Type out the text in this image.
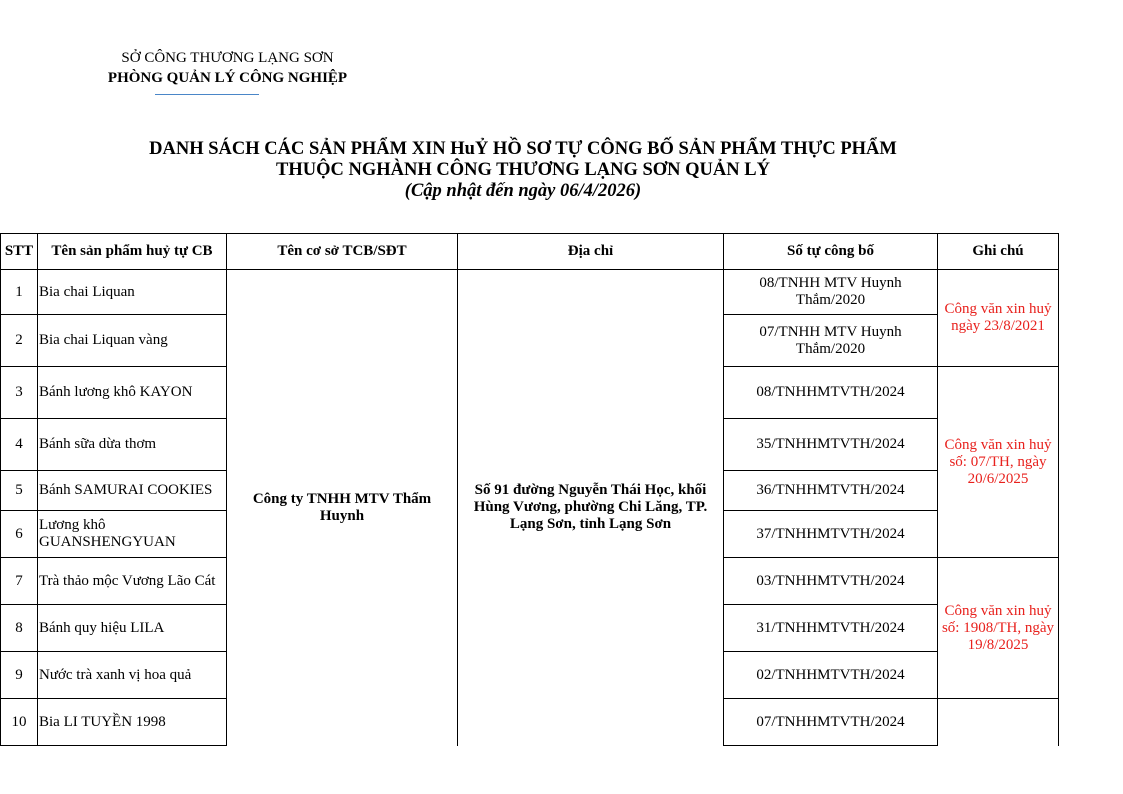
SỞ CÔNG THƯƠNG LẠNG SƠN
PHÒNG QUẢN LÝ CÔNG NGHIỆP
DANH SÁCH CÁC SẢN PHẨM XIN HuỶ HỒ SƠ TỰ CÔNG BỐ SẢN PHẨM THỰC PHẨM
THUỘC NGHÀNH CÔNG THƯƠNG LẠNG SƠN QUẢN LÝ
(Cập nhật đến ngày 06/4/2026)
STT	Tên sản phẩm huỷ tự CB	Tên cơ sở TCB/SĐT	Địa chỉ	Số tự công bố	Ghi chú
1	Bia chai Liquan	Công ty TNHH MTV Thẩm Huynh	Số 91 đường Nguyễn Thái Học, khối Hùng Vương, phường Chi Lăng, TP. Lạng Sơn, tỉnh Lạng Sơn	08/TNHH MTV Huynh Thắm/2020	Công văn xin huỷ ngày 23/8/2021
2	Bia chai Liquan vàng			07/TNHH MTV Huynh Thắm/2020	
3	Bánh lương khô KAYON			08/TNHHMTVTH/2024	Công văn xin huỷ số: 07/TH, ngày 20/6/2025
4	Bánh sữa dừa thơm			35/TNHHMTVTH/2024	
5	Bánh SAMURAI COOKIES			36/TNHHMTVTH/2024	
6	Lương khô GUANSHENGYUAN			37/TNHHMTVTH/2024	
7	Trà thảo mộc Vương Lão Cát			03/TNHHMTVTH/2024	Công văn xin huỷ số: 1908/TH, ngày 19/8/2025
8	Bánh quy hiệu LILA			31/TNHHMTVTH/2024	
9	Nước trà xanh vị hoa quả			02/TNHHMTVTH/2024	
10	Bia LI TUYỀN 1998			07/TNHHMTVTH/2024	
